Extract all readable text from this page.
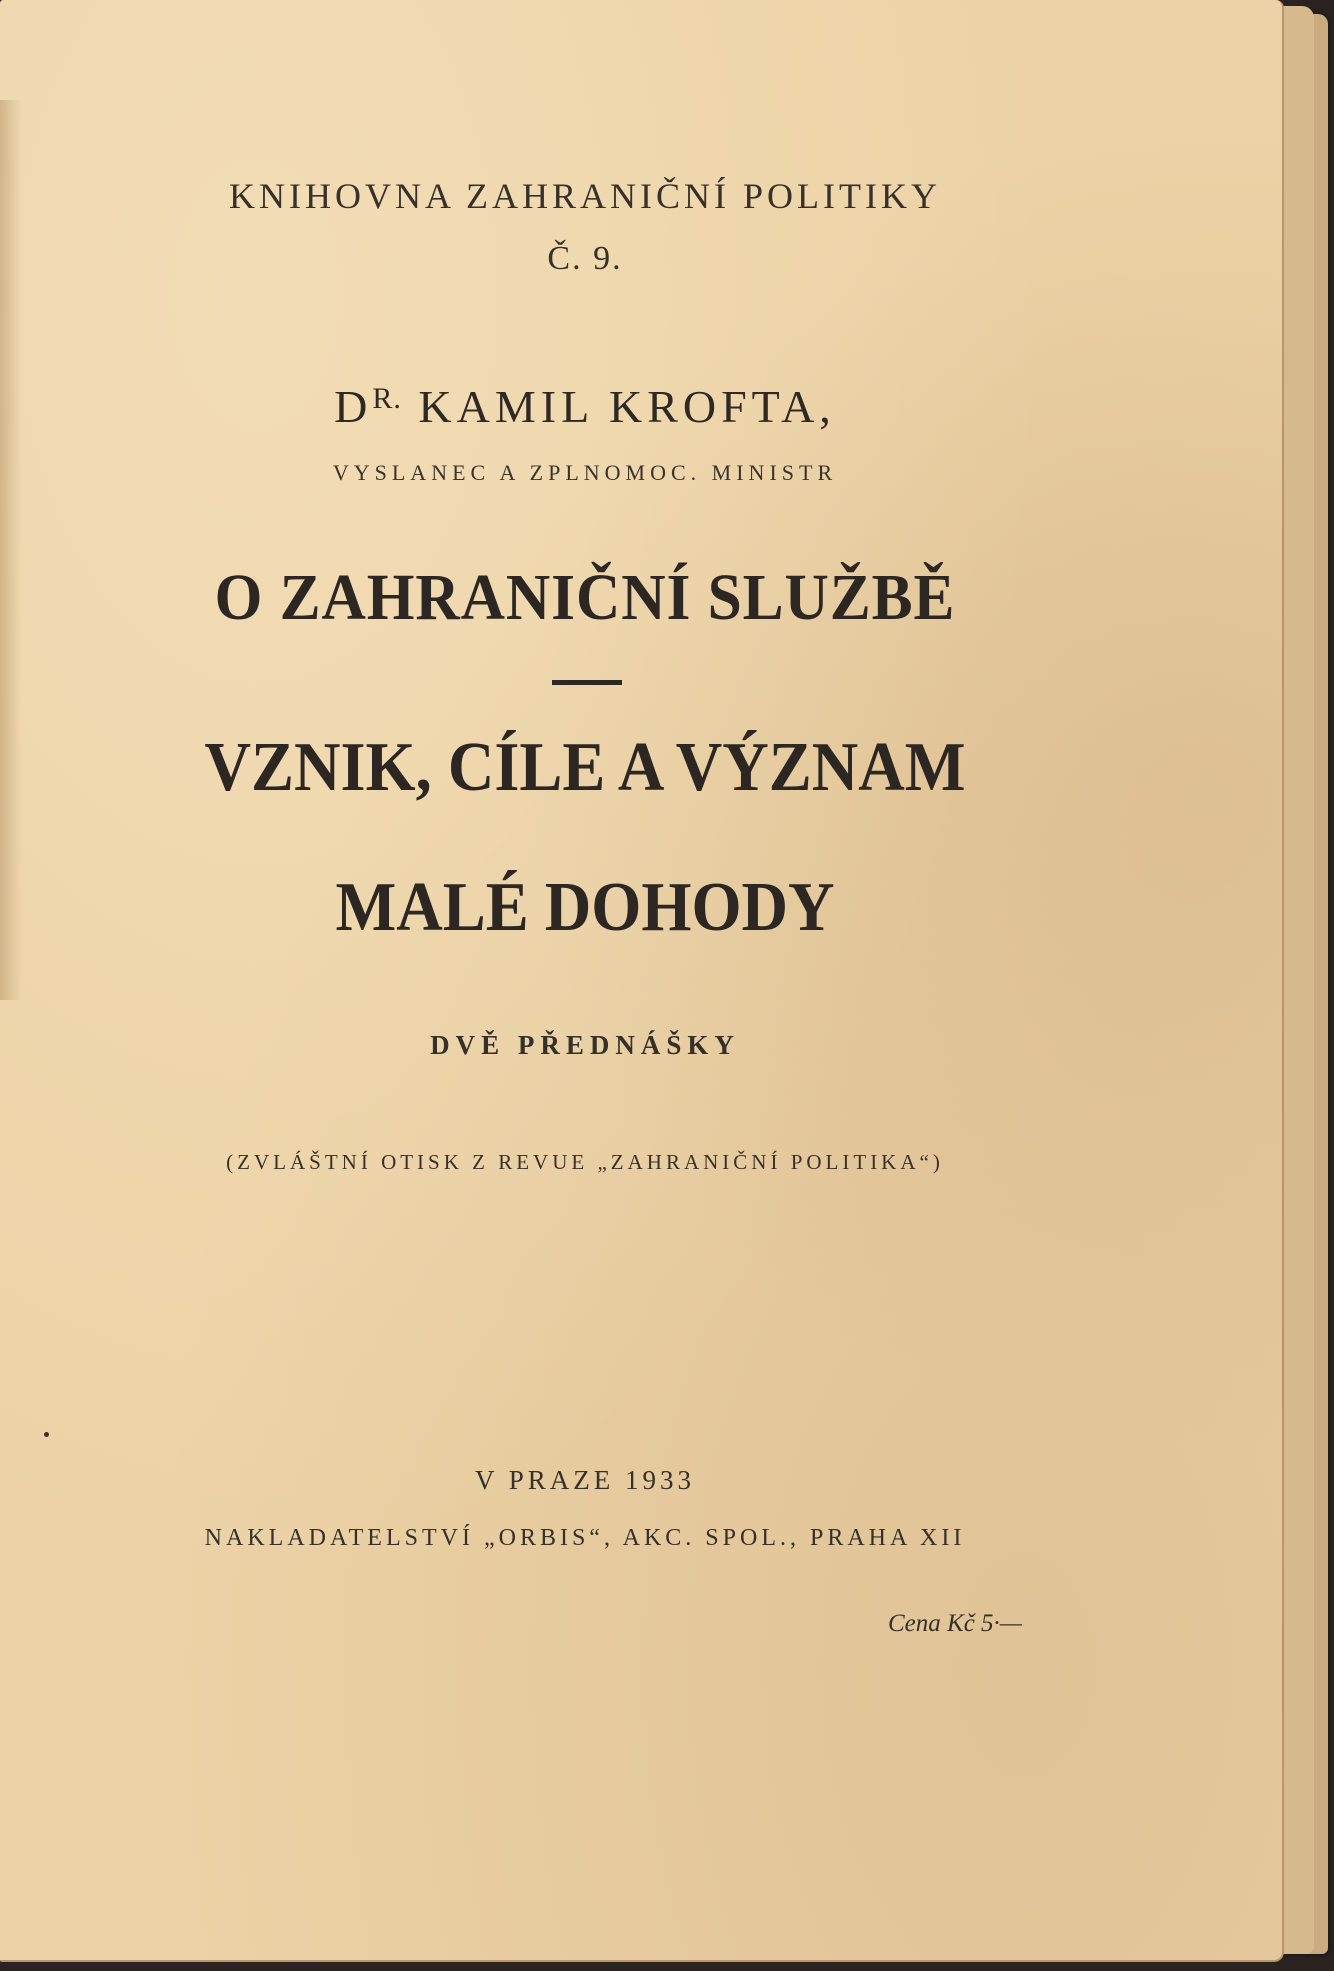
KNIHOVNA ZAHRANIČNÍ POLITIKY
Č. 9.
$D^{R.}$ KAMIL KROFTA,
VYSLANEC A ZPLNOMOC. MINISTR
O ZAHRANIČNÍ SLUŽBĚ
VZNIK, CÍLE A VÝZNAM
MALÉ DOHODY
DVĚ PŘEDNÁŠKY
(ZVLÁŠTNÍ OTISK Z REVUE „ZAHRANIČNÍ POLITIKA“)
V PRAZE 1933
NAKLADATELSTVÍ „ORBIS“, AKC. SPOL., PRAHA XII
Cena Kč 5·—
